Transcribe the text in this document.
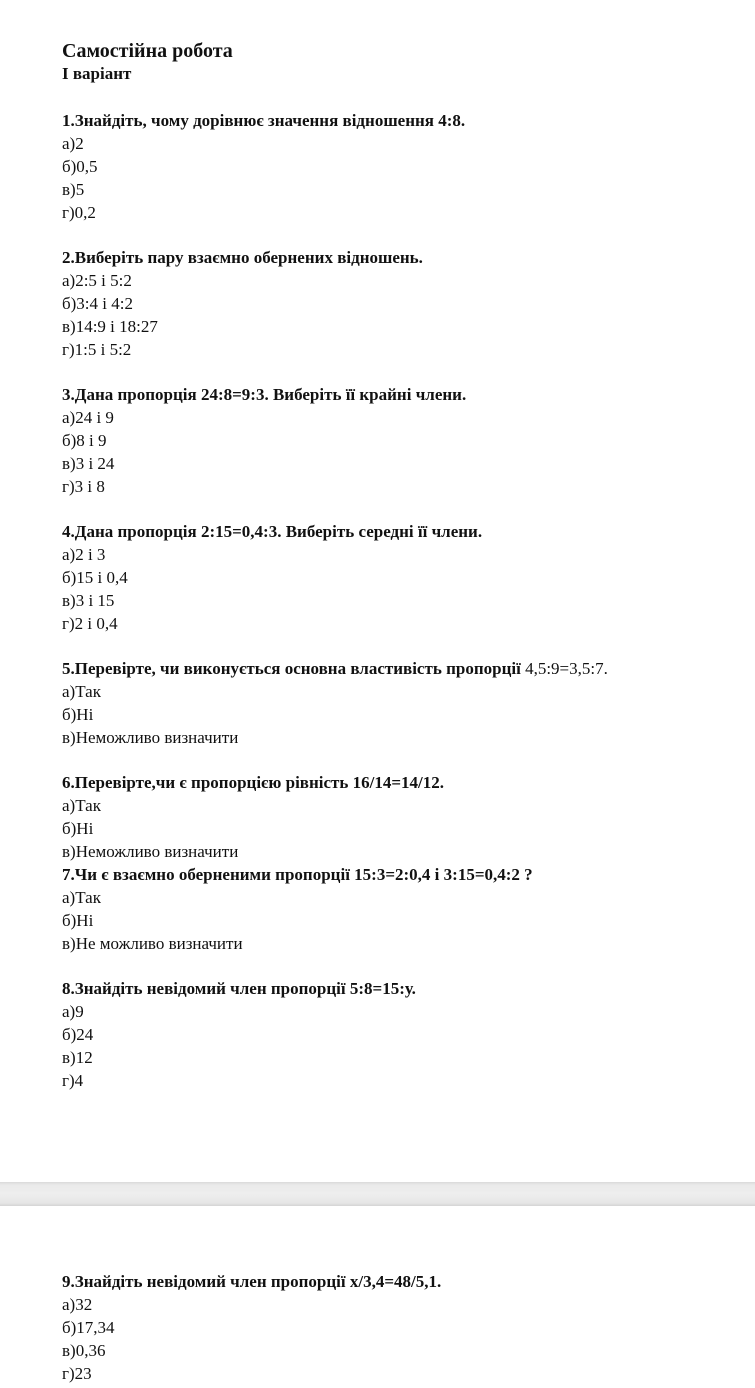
Самостійна робота

І варіант

1.Знайдіть, чому дорівнює значення відношення 4:8.

а)2

б)0,5

в)5

г)0,2

2.Виберіть пару взаємно обернених відношень.

а)2:5 і 5:2

б)3:4 і 4:2

в)14:9 і 18:27

г)1:5 і 5:2

3.Дана пропорція 24:8=9:3. Виберіть її крайні члени.

а)24 і 9

б)8 і 9

в)3 і 24

г)3 і 8

4.Дана пропорція 2:15=0,4:3. Виберіть середні її члени.

а)2 і 3

б)15 і 0,4

в)3 і 15

г)2 і 0,4

5.Перевірте, чи виконується основна властивість пропорції 4,5:9=3,5:7.

а)Так

б)Ні

в)Неможливо визначити

6.Перевірте,чи є пропорцією рівність 16/14=14/12.

а)Так

б)Ні

в)Неможливо визначити

7.Чи є взаємно оберненими пропорції 15:3=2:0,4 і 3:15=0,4:2 ?

а)Так

б)Ні

в)Не можливо визначити

8.Знайдіть невідомий член пропорції 5:8=15:у.

а)9

б)24

в)12

г)4

9.Знайдіть невідомий член пропорції х/3,4=48/5,1.

а)32

б)17,34

в)0,36

г)23
